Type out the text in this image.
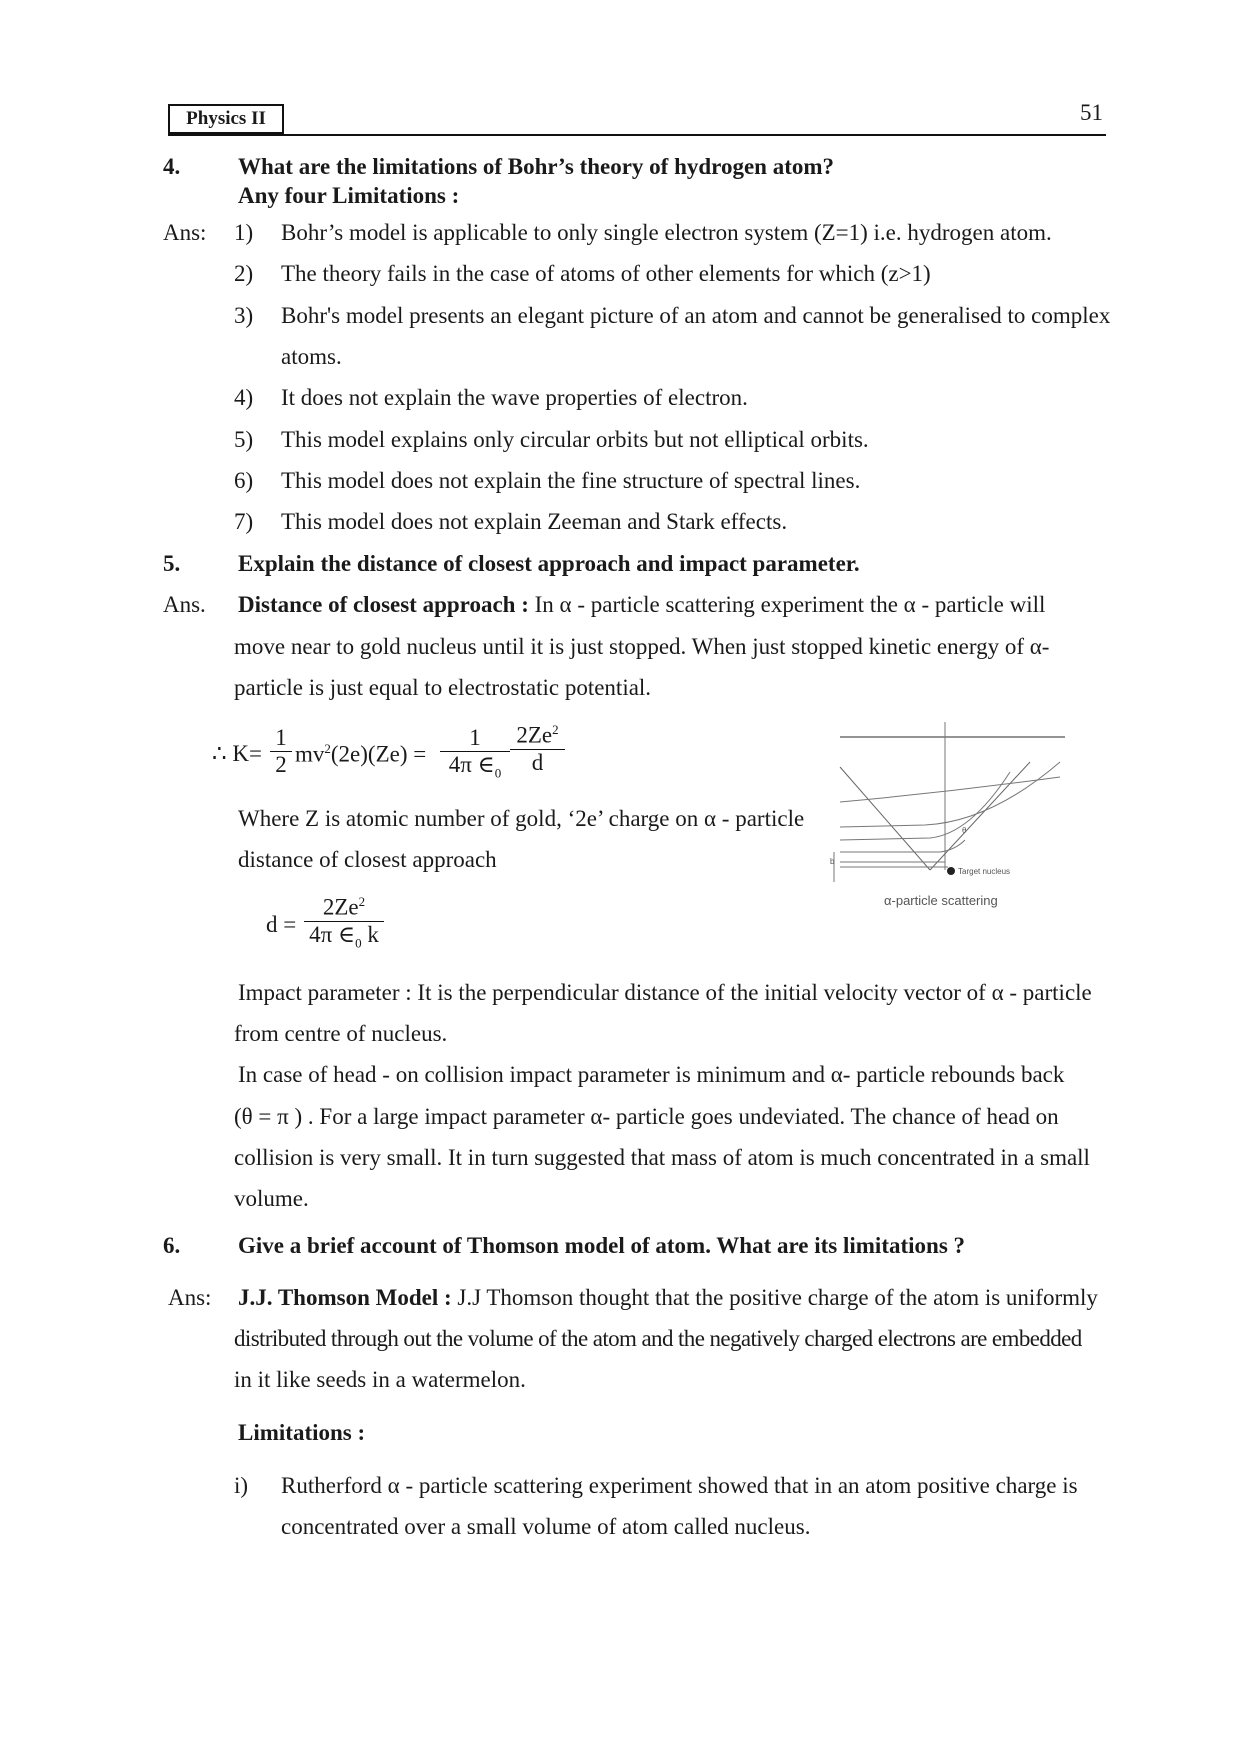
Physics II	51
4.	What are the limitations of Bohr’s theory of hydrogen atom?
Any four Limitations :
Ans: 1) Bohr’s model is applicable to only single electron system (Z=1) i.e. hydrogen atom.
2) The theory fails in the case of atoms of other elements for which (z>1)
3) Bohr's model presents an elegant picture of an atom and cannot be generalised to complex
atoms.
4) It does not explain the wave properties of electron.
5) This model explains only circular orbits but not elliptical orbits.
6) This model does not explain the fine structure of spectral lines.
7) This model does not explain Zeeman and Stark effects.
5.	Explain the distance of closest approach and impact parameter.
Ans. Distance of closest approach : In α - particle scattering experiment the α - particle will
move near to gold nucleus until it is just stopped. When just stopped kinetic energy of α-
particle is just equal to electrostatic potential.
∴ $K= \frac{1}{2} mv^2(2e)(Ze) = \frac{1}{4\pi \in_0} \frac{2Ze^2}{d}$
Where Z is atomic number of gold, ‘2e’ charge on α - particle
distance of closest approach
$d = \frac{2Ze^2}{4\pi \in_0 k}$
b
θ
Target nucleus
α-particle scattering
Impact parameter : It is the perpendicular distance of the initial velocity vector of α - particle
from centre of nucleus.
In case of head - on collision impact parameter is minimum and α- particle rebounds back
(θ = π ) . For a large impact parameter α- particle goes undeviated. The chance of head on
collision is very small. It in turn suggested that mass of atom is much concentrated in a small
volume.
6.	Give a brief account of Thomson model of atom. What are its limitations ?
Ans: J.J. Thomson Model : J.J Thomson thought that the positive charge of the atom is uniformly
distributed through out the volume of the atom and the negatively charged electrons are embedded
in it like seeds in a watermelon.
Limitations :
i) Rutherford α - particle scattering experiment showed that in an atom positive charge is
concentrated over a small volume of atom called nucleus.
